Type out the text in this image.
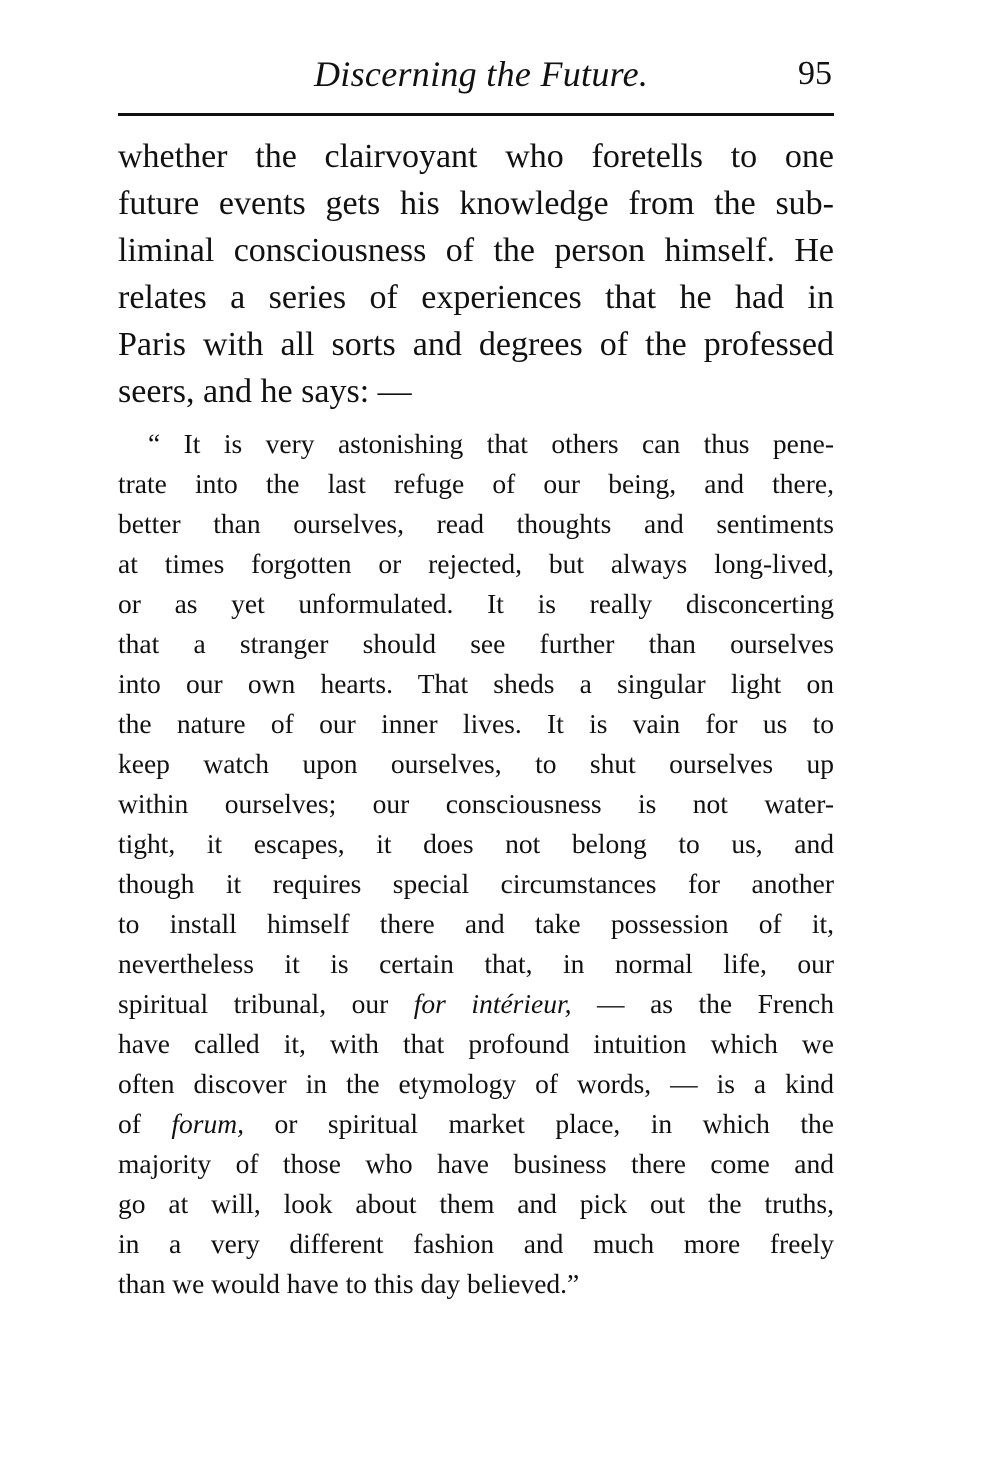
Discerning the Future.	95
whether the clairvoyant who foretells to one
future events gets his knowledge from the sub-
liminal consciousness of the person himself. He
relates a series of experiences that he had in
Paris with all sorts and degrees of the professed
seers, and he says: —
“ It is very astonishing that others can thus pene-
trate into the last refuge of our being, and there,
better than ourselves, read thoughts and sentiments
at times forgotten or rejected, but always long-lived,
or as yet unformulated. It is really disconcerting
that a stranger should see further than ourselves
into our own hearts. That sheds a singular light on
the nature of our inner lives. It is vain for us to
keep watch upon ourselves, to shut ourselves up
within ourselves; our consciousness is not water-
tight, it escapes, it does not belong to us, and
though it requires special circumstances for another
to install himself there and take possession of it,
nevertheless it is certain that, in normal life, our
spiritual tribunal, our for intérieur, — as the French
have called it, with that profound intuition which we
often discover in the etymology of words, — is a kind
of forum, or spiritual market place, in which the
majority of those who have business there come and
go at will, look about them and pick out the truths,
in a very different fashion and much more freely
than we would have to this day believed.”
